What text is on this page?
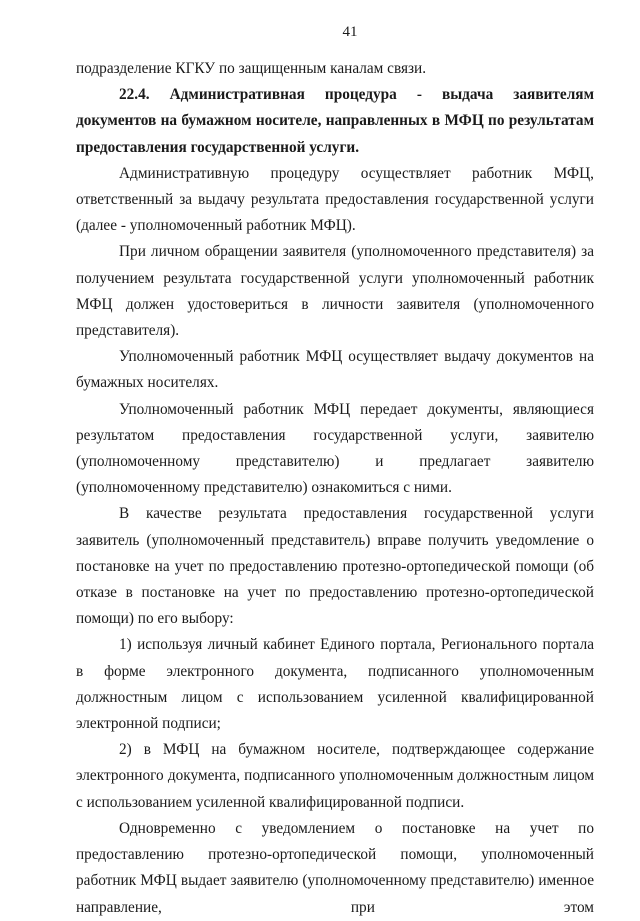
41

подразделение КГКУ по защищенным каналам связи.

22.4. Административная процедура - выдача заявителям документов на бумажном носителе, направленных в МФЦ по результатам предоставления государственной услуги.

Административную процедуру осуществляет работник МФЦ, ответственный за выдачу результата предоставления государственной услуги (далее - уполномоченный работник МФЦ).

При личном обращении заявителя (уполномоченного представителя) за получением результата государственной услуги уполномоченный работник МФЦ должен удостовериться в личности заявителя (уполномоченного представителя).

Уполномоченный работник МФЦ осуществляет выдачу документов на бумажных носителях.

Уполномоченный работник МФЦ передает документы, являющиеся результатом предоставления государственной услуги, заявителю (уполномоченному представителю) и предлагает заявителю (уполномоченному представителю) ознакомиться с ними.

В качестве результата предоставления государственной услуги заявитель (уполномоченный представитель) вправе получить уведомление о постановке на учет по предоставлению протезно-ортопедической помощи (об отказе в постановке на учет по предоставлению протезно-ортопедической помощи) по его выбору:

1) используя личный кабинет Единого портала, Регионального портала в форме электронного документа, подписанного уполномоченным должностным лицом с использованием усиленной квалифицированной электронной подписи;

2) в МФЦ на бумажном носителе, подтверждающее содержание электронного документа, подписанного уполномоченным должностным лицом с использованием усиленной квалифицированной подписи.

Одновременно с уведомлением о постановке на учет по предоставлению протезно-ортопедической помощи, уполномоченный работник МФЦ выдает заявителю (уполномоченному представителю) именное направление, при этом
